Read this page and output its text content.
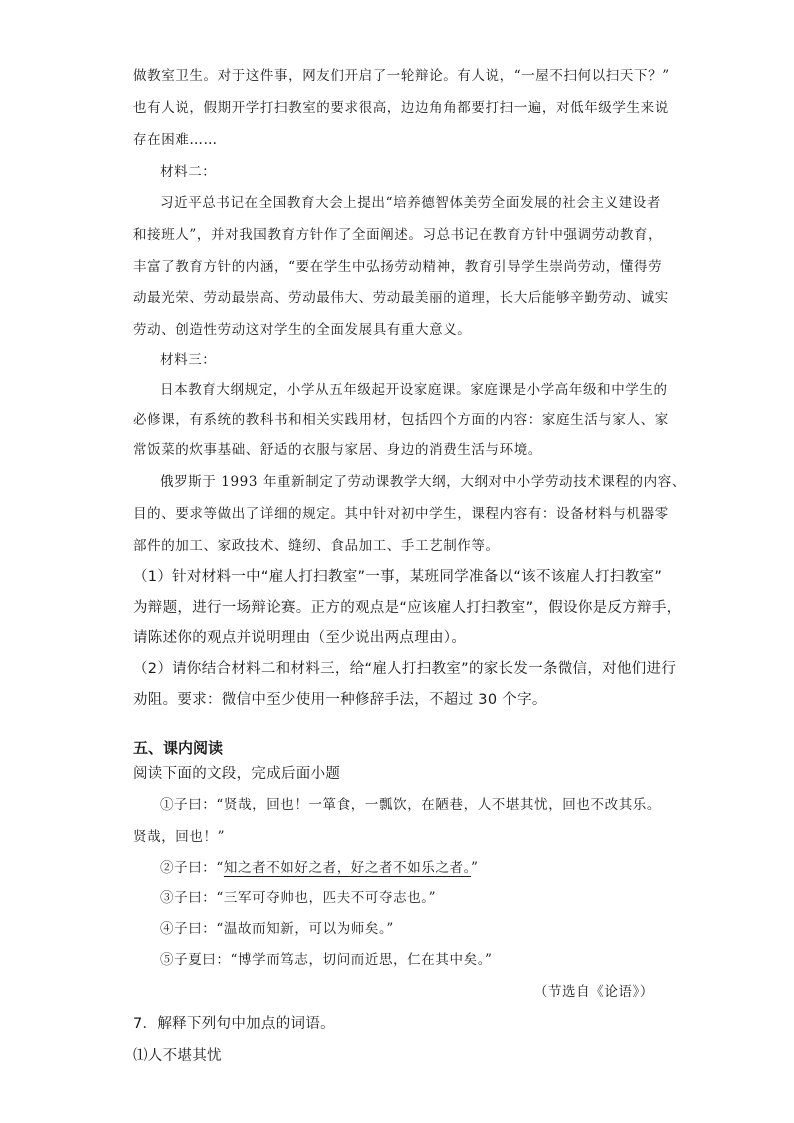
做教室卫生。对于这件事，网友们开启了一轮辩论。有人说，“一屋不扫何以扫天下？”
也有人说，假期开学打扫教室的要求很高，边边角角都要打扫一遍，对低年级学生来说
存在困难……
材料二：
习近平总书记在全国教育大会上提出“培养德智体美劳全面发展的社会主义建设者
和接班人”，并对我国教育方针作了全面阐述。习总书记在教育方针中强调劳动教育，
丰富了教育方针的内涵，“要在学生中弘扬劳动精神，教育引导学生崇尚劳动，懂得劳
动最光荣、劳动最崇高、劳动最伟大、劳动最美丽的道理，长大后能够辛勤劳动、诚实
劳动、创造性劳动这对学生的全面发展具有重大意义。
材料三：
日本教育大纲规定，小学从五年级起开设家庭课。家庭课是小学高年级和中学生的
必修课，有系统的教科书和相关实践用材，包括四个方面的内容：家庭生活与家人、家
常饭菜的炊事基础、舒适的衣服与家居、身边的消费生活与环境。
俄罗斯于 1993 年重新制定了劳动课教学大纲，大纲对中小学劳动技术课程的内容、
目的、要求等做出了详细的规定。其中针对初中学生，课程内容有：设备材料与机器零
部件的加工、家政技术、缝纫、食品加工、手工艺制作等。
（1）针对材料一中“雇人打扫教室”一事，某班同学准备以“该不该雇人打扫教室”
为辩题，进行一场辩论赛。正方的观点是“应该雇人打扫教室”，假设你是反方辩手，
请陈述你的观点并说明理由（至少说出两点理由）。
（2）请你结合材料二和材料三，给“雇人打扫教室”的家长发一条微信，对他们进行
劝阻。要求：微信中至少使用一种修辞手法，不超过 30 个字。
五、课内阅读
阅读下面的文段，完成后面小题
①子曰：“贤哉，回也！一箪食，一瓢饮，在陋巷，人不堪其忧，回也不改其乐。
贤哉，回也！”
②子曰：“知之者不如好之者，好之者不如乐之者。”
③子曰：“三军可夺帅也，匹夫不可夺志也。”
④子曰：“温故而知新，可以为师矣。”
⑤子夏曰：“博学而笃志，切问而近思，仁在其中矣。”
（节选自《论语》）
7．解释下列句中加点的词语。
⑴人不堪其忧
